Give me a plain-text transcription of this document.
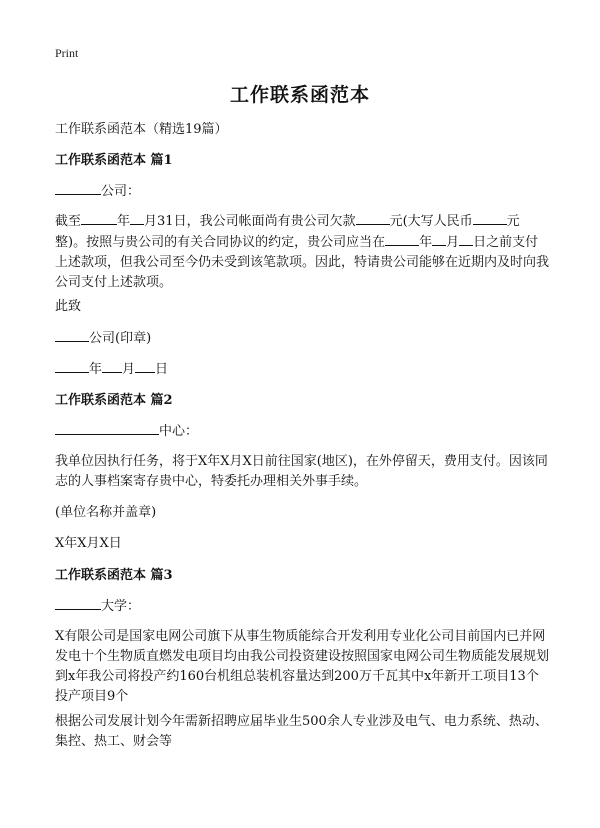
Print
工作联系函范本

工作联系函范本（精选19篇）

工作联系函范本 篇1

公司：

截至	年 月31日，我公司帐面尚有贵公司欠款	元(大写人民币	元整)。按照与贵公司的有关合同协议的约定，贵公司应当在	年 月 日之前支付上述款项，但我公司至今仍未受到该笔款项。因此，特请贵公司能够在近期内及时向我公司支付上述款项。

此致

公司(印章)

年 月 日

工作联系函范本 篇2

中心：

我单位因执行任务，将于X年X月X日前往国家(地区)，在外停留天，费用支付。因该同志的人事档案寄存贵中心，特委托办理相关外事手续。

(单位名称并盖章)

X年X月X日

工作联系函范本 篇3

大学：

X有限公司是国家电网公司旗下从事生物质能综合开发利用专业化公司目前国内已并网发电十个生物质直燃发电项目均由我公司投资建设按照国家电网公司生物质能发展规划到x年我公司将投产约160台机组总装机容量达到200万千瓦其中x年新开工项目13个投产项目9个

根据公司发展计划今年需新招聘应届毕业生500余人专业涉及电气、电力系统、热动、集控、热工、财会等
